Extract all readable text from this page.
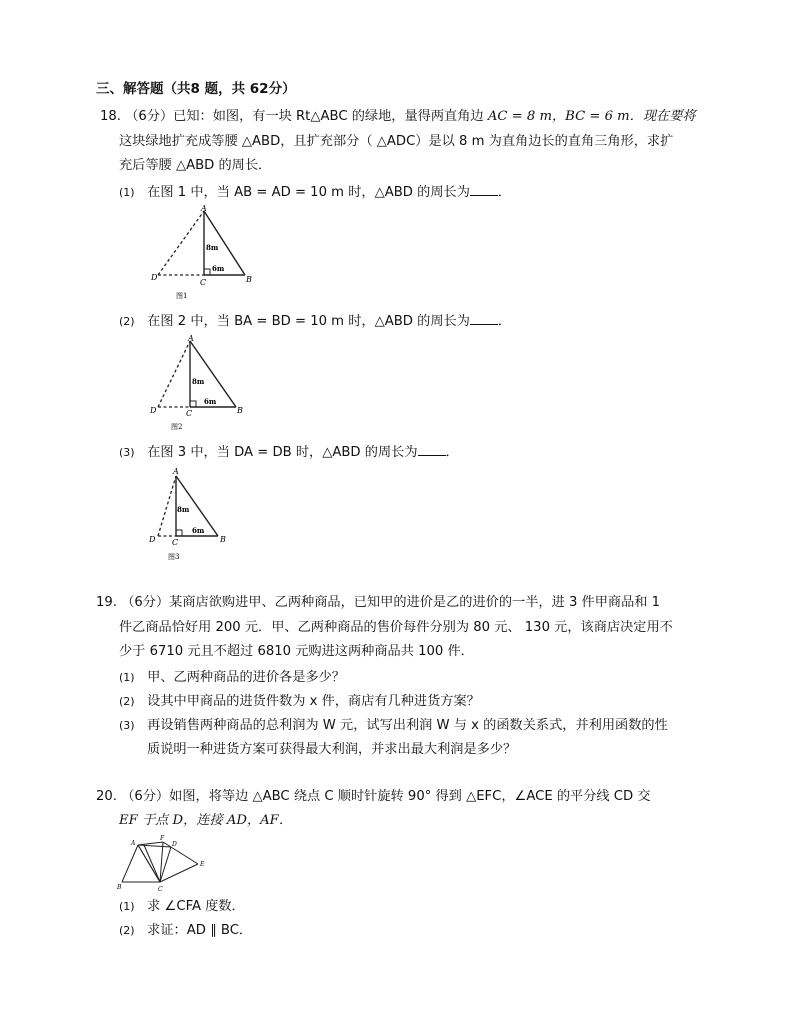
三、解答题（共8 题，共 62分）
18. （6分）已知：如图，有一块 Rt△ABC 的绿地，量得两直角边 AC = 8 m，BC = 6 m．现在要将
这块绿地扩充成等腰 △ABD，且扩充部分（ △ADC）是以 8 m 为直角边长的直角三角形，求扩
充后等腰 △ABD 的周长．
(1) 在图 1 中，当 AB = AD = 10 m 时，△ABD 的周长为 ．
A
B
C
D
8m
6m
图1
(2) 在图 2 中，当 BA = BD = 10 m 时，△ABD 的周长为 ．
A
B
C
D
8m
6m
图2
(3) 在图 3 中，当 DA = DB 时，△ABD 的周长为 ．
A
B
C
D
8m
6m
图3
19. （6分）某商店欲购进甲、乙两种商品，已知甲的进价是乙的进价的一半，进 3 件甲商品和 1
件乙商品恰好用 200 元．甲、乙两种商品的售价每件分别为 80 元、 130 元，该商店决定用不
少于 6710 元且不超过 6810 元购进这两种商品共 100 件．
(1) 甲、乙两种商品的进价各是多少？
(2) 设其中甲商品的进货件数为 x 件，商店有几种进货方案？
(3) 再设销售两种商品的总利润为 W 元，试写出利润 W 与 x 的函数关系式，并利用函数的性
质说明一种进货方案可获得最大利润，并求出最大利润是多少？
20. （6分）如图，将等边 △ABC 绕点 C 顺时针旋转 90° 得到 △EFC，∠ACE 的平分线 CD 交
EF 于点 D，连接 AD，AF．
A
B	C
D
E
F
(1) 求 ∠CFA 度数．
(2) 求证：AD ∥ BC．
